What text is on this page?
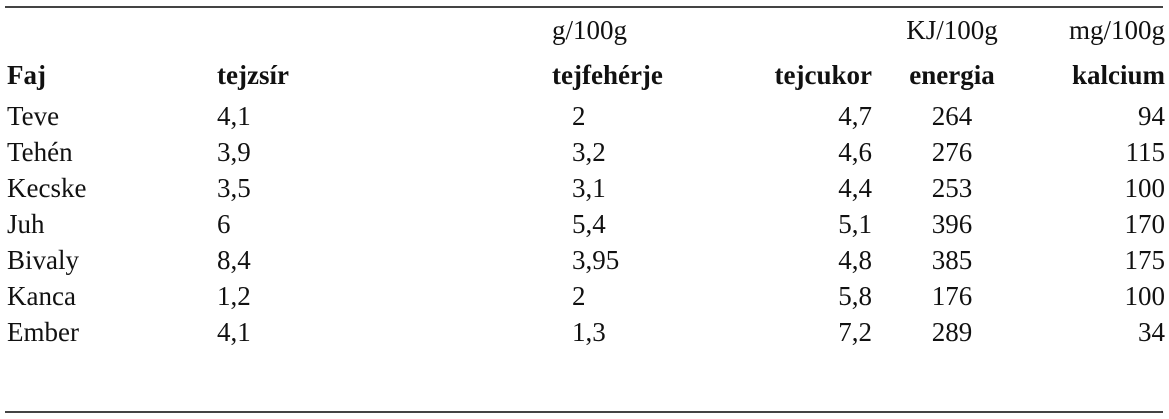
		g/100g		KJ/100g	mg/100g
Faj	tejzsír	tejfehérje	tejcukor	energia	kalcium
Teve	4,1	2	4,7	264	94
Tehén	3,9	3,2	4,6	276	115
Kecske	3,5	3,1	4,4	253	100
Juh	6	5,4	5,1	396	170
Bivaly	8,4	3,95	4,8	385	175
Kanca	1,2	2	5,8	176	100
Ember	4,1	1,3	7,2	289	34
